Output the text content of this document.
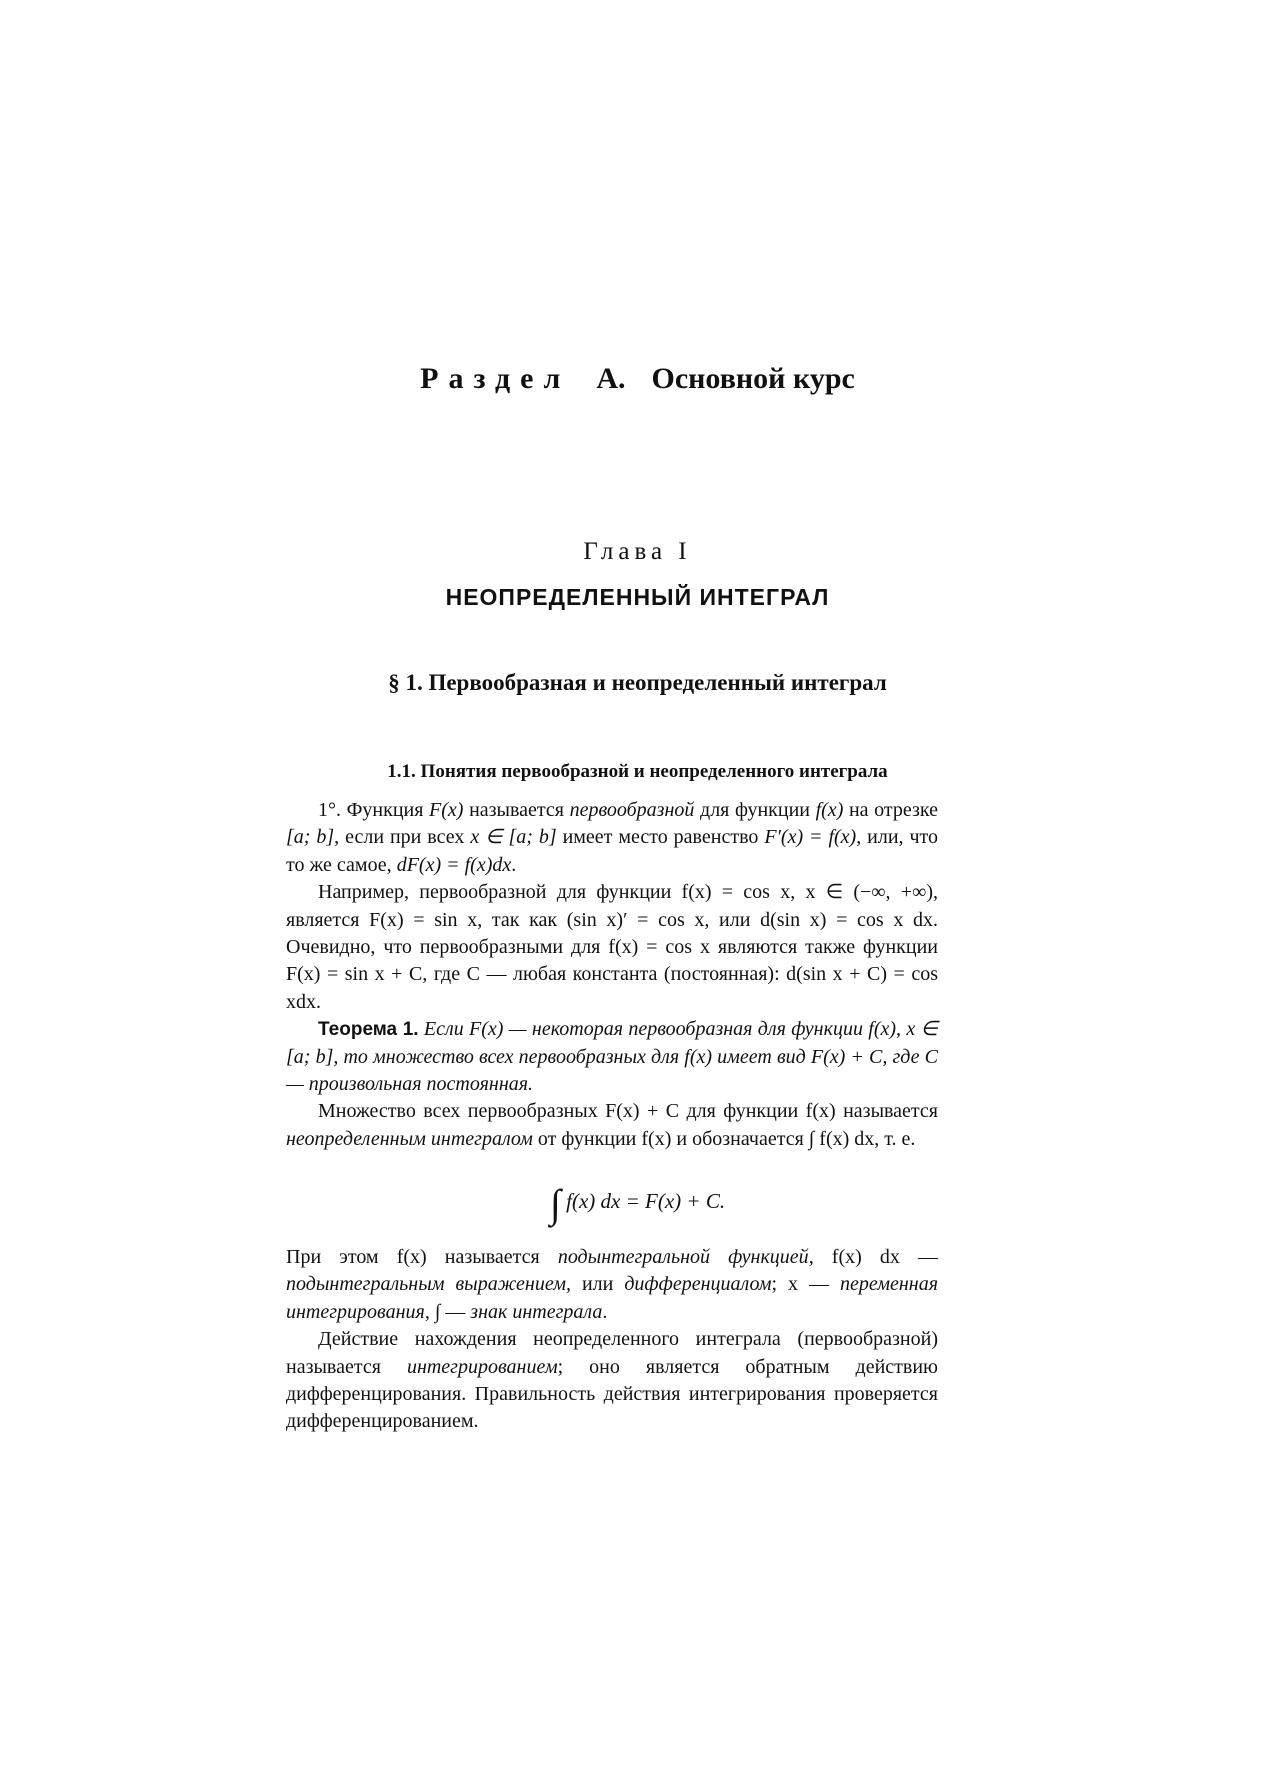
Раздел А. Основной курс
Глава I
НЕОПРЕДЕЛЕННЫЙ ИНТЕГРАЛ
§ 1. Первообразная и неопределенный интеграл
1.1. Понятия первообразной и неопределенного интеграла

1°. Функция F(x) называется первообразной для функции f(x) на отрезке [a; b], если при всех x ∈ [a; b] имеет место равенство F′(x) = f(x), или, что то же самое, dF(x) = f(x)dx.

Например, первообразной для функции f(x) = cos x, x ∈ (−∞, +∞), является F(x) = sin x, так как (sin x)′ = cos x, или d(sin x) = cos x dx. Очевидно, что первообразными для f(x) = cos x являются также функции F(x) = sin x + C, где C — любая константа (постоянная): d(sin x + C) = cos xdx.

Теорема 1. Если F(x) — некоторая первообразная для функции f(x), x ∈ [a; b], то множество всех первообразных для f(x) имеет вид F(x) + C, где C — произвольная постоянная.

Множество всех первообразных F(x) + C для функции f(x) называется неопределенным интегралом от функции f(x) и обозначается ∫ f(x) dx, т. е.

∫ f(x) dx = F(x) + C.

При этом f(x) называется подынтегральной функцией, f(x) dx — подынтегральным выражением, или дифференциалом; x — переменная интегрирования, ∫ — знак интеграла.

Действие нахождения неопределенного интеграла (первообразной) называется интегрированием; оно является обратным действию дифференцирования. Правильность действия интегрирования проверяется дифференцированием.
